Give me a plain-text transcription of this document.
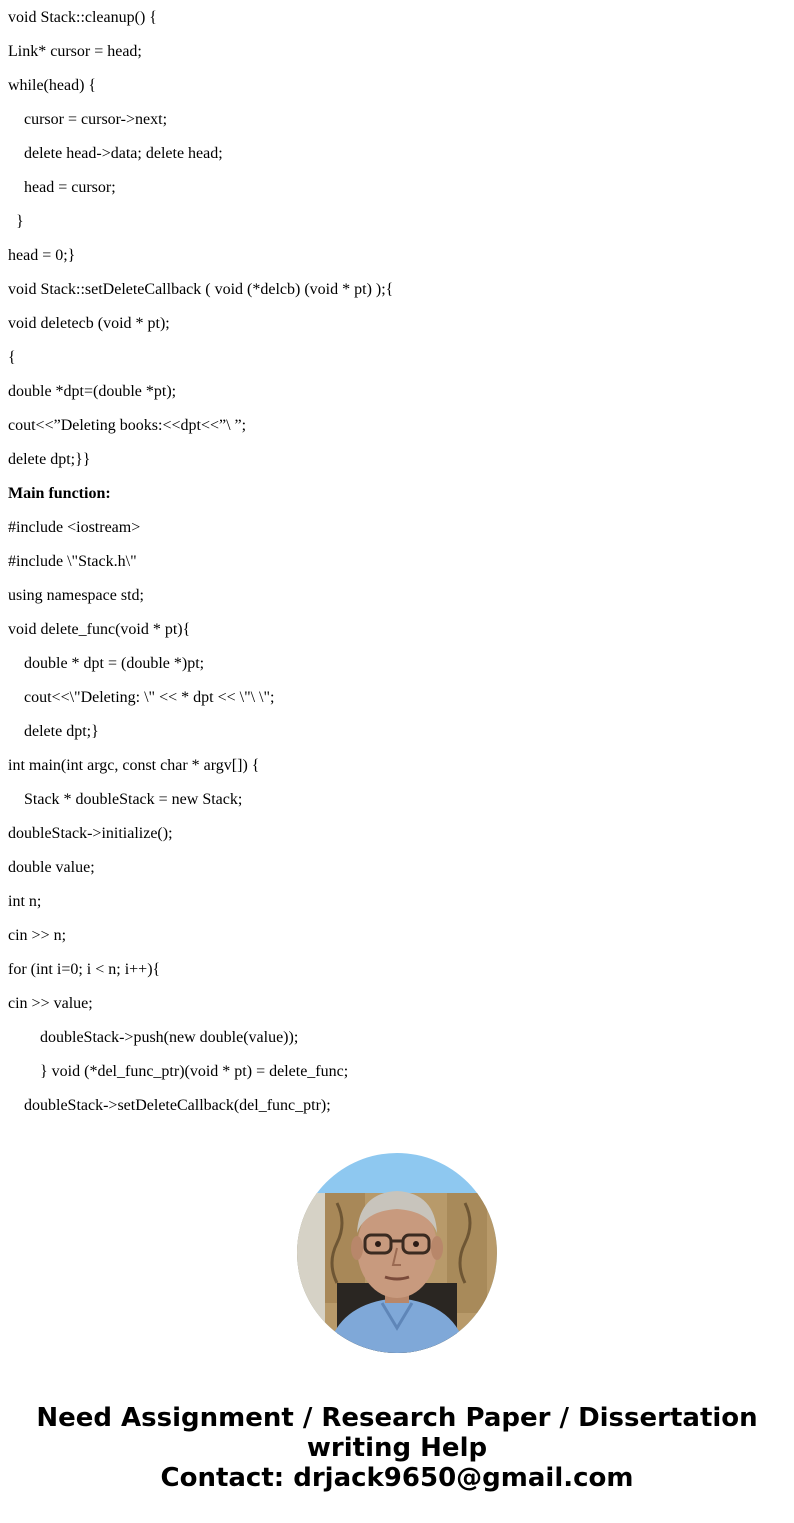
void Stack::cleanup() {
Link* cursor = head;
while(head) {
cursor = cursor->next;
delete head->data; delete head;
head = cursor;
}
head = 0;}
void Stack::setDeleteCallback ( void (*delcb) (void * pt) );{
void deletecb (void * pt);
{
double *dpt=(double *pt);
cout<<”Deleting books:<<dpt<<”\ ”;
delete dpt;}}
Main function:
#include <iostream>
#include \"Stack.h\"
using namespace std;
void delete_func(void * pt){
double * dpt = (double *)pt;
cout<<\"Deleting: \" << * dpt << \"\ \";
delete dpt;}
int main(int argc, const char * argv[]) {
Stack * doubleStack = new Stack;
doubleStack->initialize();
double value;
int n;
cin >> n;
for (int i=0; i < n; i++){
cin >> value;
doubleStack->push(new double(value));
} void (*del_func_ptr)(void * pt) = delete_func;
doubleStack->setDeleteCallback(del_func_ptr);
Need Assignment / Research Paper / Dissertation
writing Help
Contact: drjack9650@gmail.com
